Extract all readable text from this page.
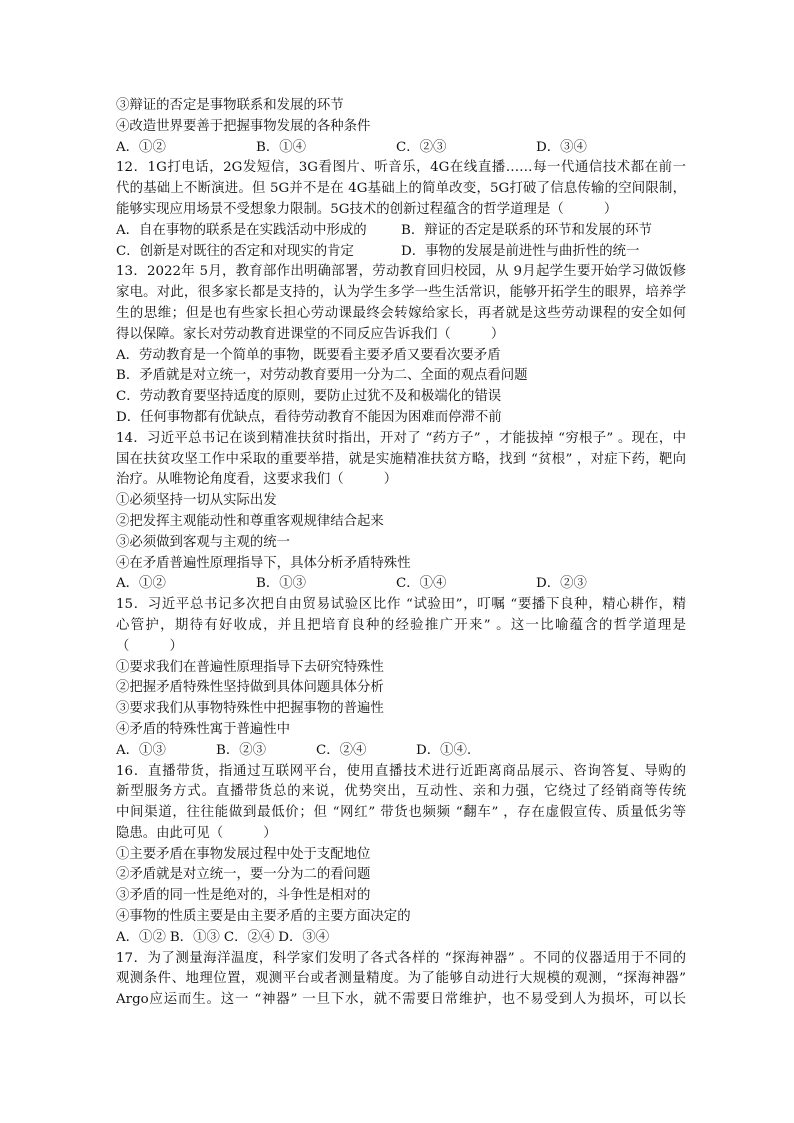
③辩证的否定是事物联系和发展的环节
④改造世界要善于把握事物发展的各种条件
A．①②	B．①④	C．②③	D．③④
12．1G打电话，2G发短信，3G看图片、听音乐，4G在线直播……每一代通信技术都在前一
代的基础上不断演进。但 5G并不是在 4G基础上的简单改变，5G打破了信息传输的空间限制，
能够实现应用场景不受想象力限制。5G技术的创新过程蕴含的哲学道理是（　　　）
A．自在事物的联系是在实践活动中形成的	B．辩证的否定是联系的环节和发展的环节
C．创新是对既往的否定和对现实的肯定	D．事物的发展是前进性与曲折性的统一
13．2022年 5月，教育部作出明确部署，劳动教育回归校园，从 9月起学生要开始学习做饭修
家电。对此，很多家长都是支持的，认为学生多学一些生活常识，能够开拓学生的眼界，培养学
生的思维；但是也有些家长担心劳动课最终会转嫁给家长，再者就是这些劳动课程的安全如何
得以保障。家长对劳动教育进课堂的不同反应告诉我们（　　　）
A．劳动教育是一个简单的事物，既要看主要矛盾又要看次要矛盾
B．矛盾就是对立统一，对劳动教育要用一分为二、全面的观点看问题
C．劳动教育要坚持适度的原则，要防止过犹不及和极端化的错误
D．任何事物都有优缺点，看待劳动教育不能因为困难而停滞不前
14．习近平总书记在谈到精准扶贫时指出，开对了 “药方子” ，才能拔掉 “穷根子” 。现在，中
国在扶贫攻坚工作中采取的重要举措，就是实施精准扶贫方略，找到 “贫根” ，对症下药，靶向
治疗。从唯物论角度看，这要求我们（　　　）
①必须坚持一切从实际出发
②把发挥主观能动性和尊重客观规律结合起来
③必须做到客观与主观的统一
④在矛盾普遍性原理指导下，具体分析矛盾特殊性
A．①②	B．①③	C．①④	D．②③
15．习近平总书记多次把自由贸易试验区比作 “试验田”，叮嘱 “要播下良种，精心耕作，精
心管护，期待有好收成，并且把培育良种的经验推广开来” 。这一比喻蕴含的哲学道理是
（　　　）
①要求我们在普遍性原理指导下去研究特殊性
②把握矛盾特殊性坚持做到具体问题具体分析
③要求我们从事物特殊性中把握事物的普遍性
④矛盾的特殊性寓于普遍性中
A．①③	B．②③	C．②④	D．①④.
16．直播带货，指通过互联网平台，使用直播技术进行近距离商品展示、咨询答复、导购的
新型服务方式。直播带货总的来说，优势突出，互动性、亲和力强，它绕过了经销商等传统
中间渠道，往往能做到最低价；但 “网红” 带货也频频 “翻车” ，存在虚假宣传、质量低劣等
隐患。由此可见（　　　）
①主要矛盾在事物发展过程中处于支配地位
②矛盾就是对立统一，要一分为二的看问题
③矛盾的同一性是绝对的，斗争性是相对的
④事物的性质主要是由主要矛盾的主要方面决定的
A．①② B．①③ C．②④ D．③④
17．为了测量海洋温度，科学家们发明了各式各样的 “探海神器” 。不同的仪器适用于不同的
观测条件、地理位置，观测平台或者测量精度。为了能够自动进行大规模的观测，“探海神器”
Argo应运而生。这一 “神器” 一旦下水，就不需要日常维护，也不易受到人为损坏，可以长
